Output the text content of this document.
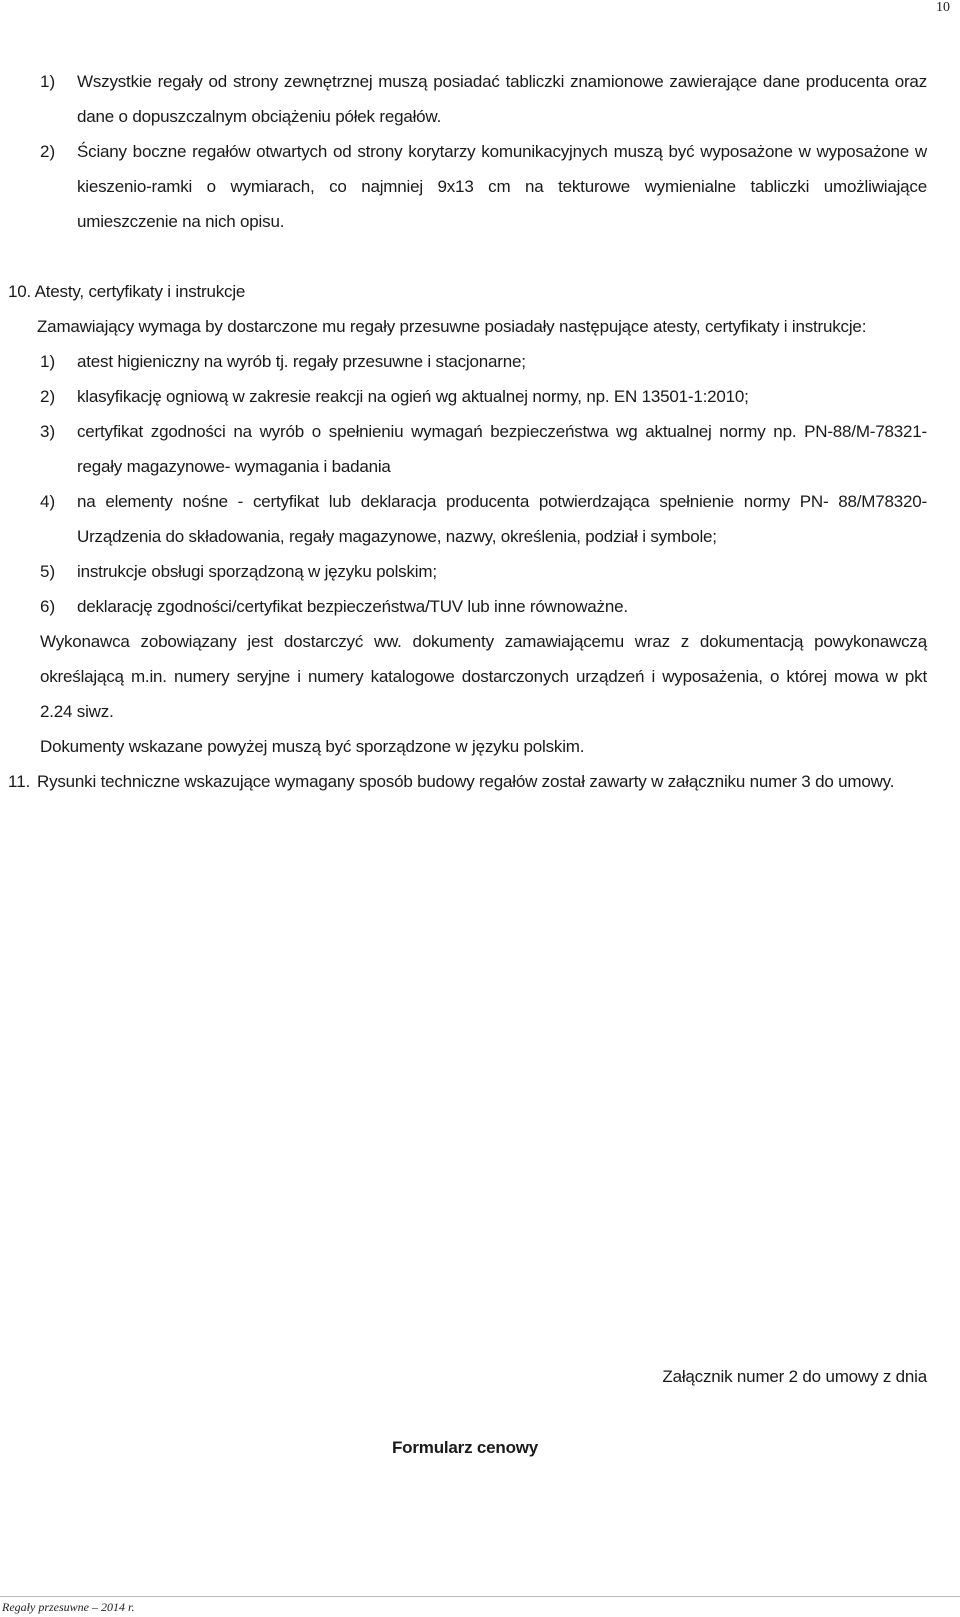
10
1) Wszystkie regały od strony zewnętrznej muszą posiadać tabliczki znamionowe zawierające dane producenta oraz
dane o dopuszczalnym obciążeniu półek regałów.
2) Ściany boczne regałów otwartych od strony korytarzy komunikacyjnych muszą być wyposażone w wyposażone w
kieszenio-ramki o wymiarach, co najmniej 9x13 cm na tekturowe wymienialne tabliczki umożliwiające
umieszczenie na nich opisu.
10. Atesty, certyfikaty i instrukcje
Zamawiający wymaga by dostarczone mu regały przesuwne posiadały następujące atesty, certyfikaty i instrukcje:
1) atest higieniczny na wyrób tj. regały przesuwne i stacjonarne;
2) klasyfikację ogniową w zakresie reakcji na ogień wg aktualnej normy, np. EN 13501-1:2010;
3) certyfikat zgodności na wyrób o spełnieniu wymagań bezpieczeństwa wg aktualnej normy np. PN-88/M-78321-
regały magazynowe- wymagania i badania
4) na elementy nośne - certyfikat lub deklaracja producenta potwierdzająca spełnienie normy PN- 88/M78320-
Urządzenia do składowania, regały magazynowe, nazwy, określenia, podział i symbole;
5) instrukcje obsługi sporządzoną w języku polskim;
6) deklarację zgodności/certyfikat bezpieczeństwa/TUV lub inne równoważne.
Wykonawca zobowiązany jest dostarczyć ww. dokumenty zamawiającemu wraz z dokumentacją powykonawczą
określającą m.in. numery seryjne i numery katalogowe dostarczonych urządzeń i wyposażenia, o której mowa w pkt
2.24 siwz.
Dokumenty wskazane powyżej muszą być sporządzone w języku polskim.
11. Rysunki techniczne wskazujące wymagany sposób budowy regałów został zawarty w załączniku numer 3 do umowy.
Załącznik numer 2 do umowy z dnia
Formularz cenowy
Regały przesuwne – 2014 r.
